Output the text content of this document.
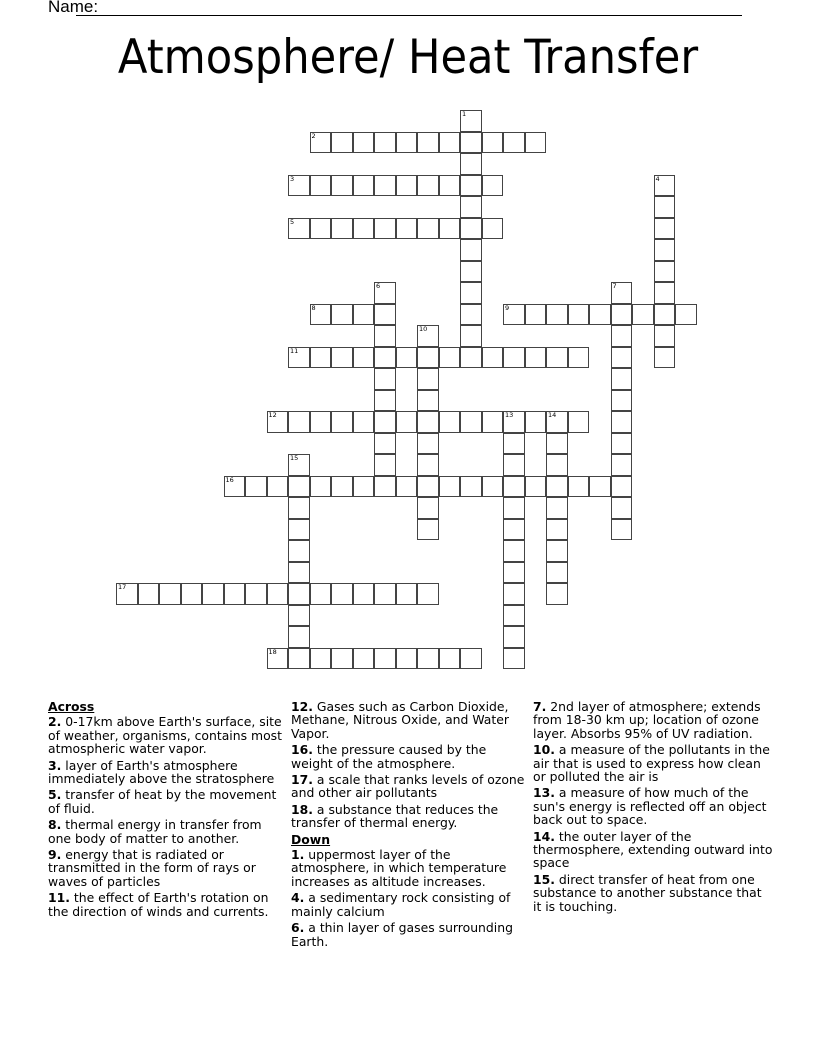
Name:
Atmosphere/ Heat Transfer
1
2
3	4
5
6	7
8	9
10
11
12	13	14
15
16
17
18
Across
2. 0-17km above Earth's surface, site of weather, organisms, contains most atmospheric water vapor.
3. layer of Earth's atmosphere immediately above the stratosphere
5. transfer of heat by the movement of fluid.
8. thermal energy in transfer from one body of matter to another.
9. energy that is radiated or transmitted in the form of rays or waves of particles
11. the effect of Earth's rotation on the direction of winds and currents.
12. Gases such as Carbon Dioxide, Methane, Nitrous Oxide, and Water Vapor.
16. the pressure caused by the weight of the atmosphere.
17. a scale that ranks levels of ozone and other air pollutants
18. a substance that reduces the transfer of thermal energy.
Down
1. uppermost layer of the atmosphere, in which temperature increases as altitude increases.
4. a sedimentary rock consisting of mainly calcium
6. a thin layer of gases surrounding Earth.
7. 2nd layer of atmosphere; extends from 18-30 km up; location of ozone layer. Absorbs 95% of UV radiation.
10. a measure of the pollutants in the air that is used to express how clean or polluted the air is
13. a measure of how much of the sun's energy is reflected off an object back out to space.
14. the outer layer of the thermosphere, extending outward into space
15. direct transfer of heat from one substance to another substance that it is touching.
